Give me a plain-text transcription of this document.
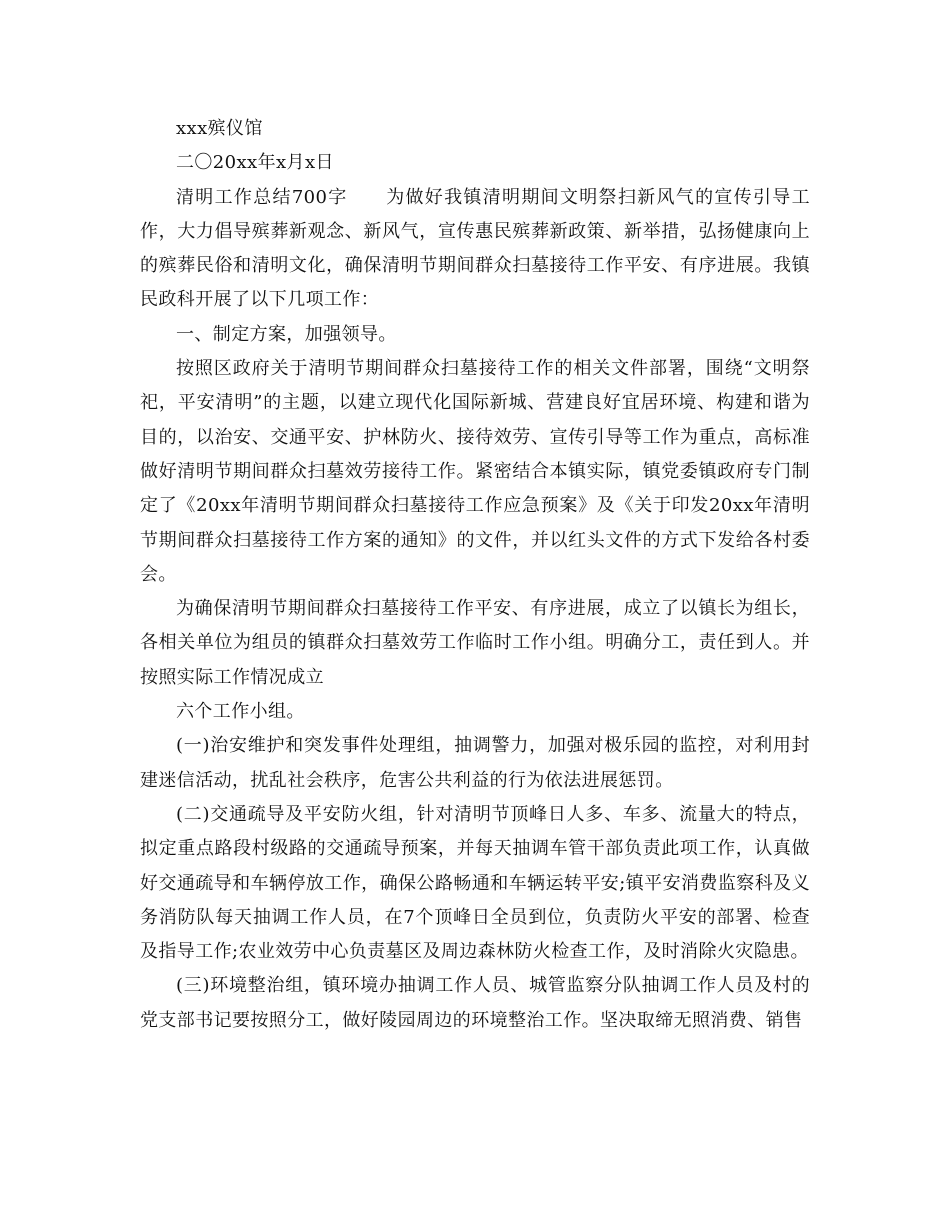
xxx殡仪馆

二〇20xx年x月x日

清明工作总结700字　　为做好我镇清明期间文明祭扫新风气的宣传引导工作，大力倡导殡葬新观念、新风气，宣传惠民殡葬新政策、新举措，弘扬健康向上的殡葬民俗和清明文化，确保清明节期间群众扫墓接待工作平安、有序进展。我镇民政科开展了以下几项工作：

一、制定方案，加强领导。

按照区政府关于清明节期间群众扫墓接待工作的相关文件部署，围绕“文明祭祀，平安清明”的主题，以建立现代化国际新城、营建良好宜居环境、构建和谐为目的，以治安、交通平安、护林防火、接待效劳、宣传引导等工作为重点，高标准做好清明节期间群众扫墓效劳接待工作。紧密结合本镇实际，镇党委镇政府专门制定了《20xx年清明节期间群众扫墓接待工作应急预案》及《关于印发20xx年清明节期间群众扫墓接待工作方案的通知》的文件，并以红头文件的方式下发给各村委会。

为确保清明节期间群众扫墓接待工作平安、有序进展，成立了以镇长为组长，各相关单位为组员的镇群众扫墓效劳工作临时工作小组。明确分工，责任到人。并按照实际工作情况成立

六个工作小组。

(一)治安维护和突发事件处理组，抽调警力，加强对极乐园的监控，对利用封建迷信活动，扰乱社会秩序，危害公共利益的行为依法进展惩罚。

(二)交通疏导及平安防火组，针对清明节顶峰日人多、车多、流量大的特点，拟定重点路段村级路的交通疏导预案，并每天抽调车管干部负责此项工作，认真做好交通疏导和车辆停放工作，确保公路畅通和车辆运转平安;镇平安消费监察科及义务消防队每天抽调工作人员，在7个顶峰日全员到位，负责防火平安的部署、检查及指导工作;农业效劳中心负责墓区及周边森林防火检查工作，及时消除火灾隐患。

(三)环境整治组，镇环境办抽调工作人员、城管监察分队抽调工作人员及村的党支部书记要按照分工，做好陵园周边的环境整治工作。坚决取缔无照消费、销售
